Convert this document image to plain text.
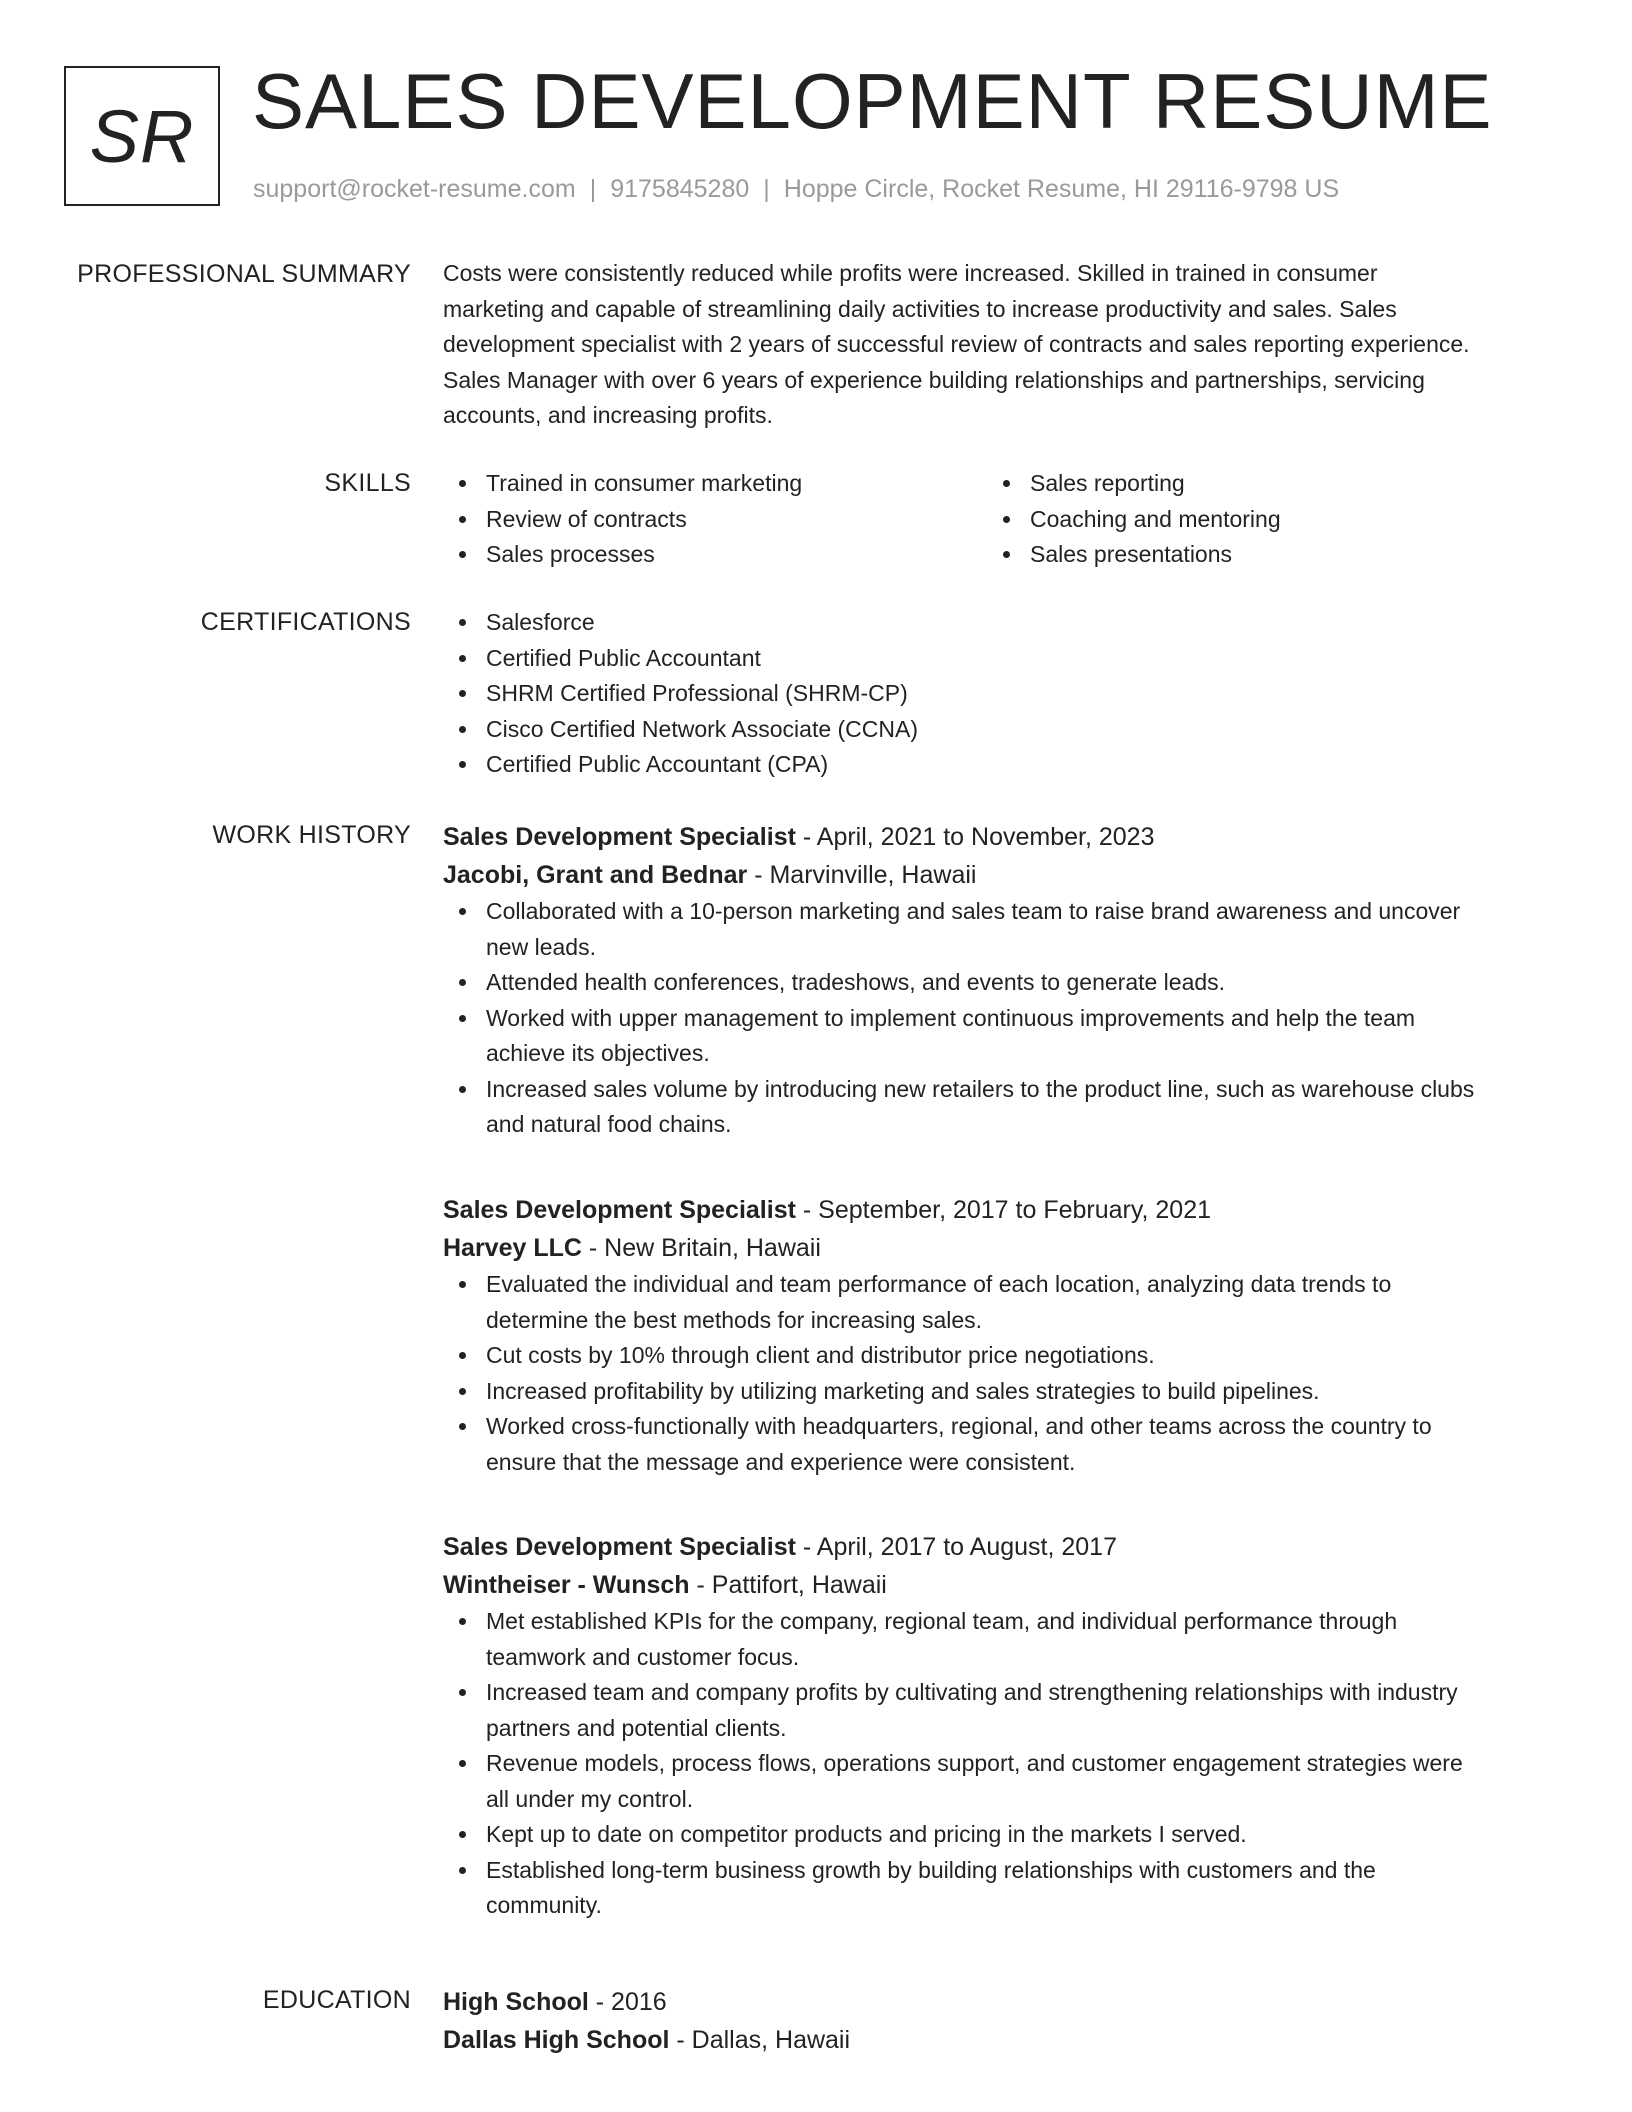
SR SALES DEVELOPMENT RESUME
support@rocket-resume.com | 9175845280 | Hoppe Circle, Rocket Resume, HI 29116-9798 US
PROFESSIONAL SUMMARY Costs were consistently reduced while profits were increased. Skilled in trained in consumer
marketing and capable of streamlining daily activities to increase productivity and sales. Sales
development specialist with 2 years of successful review of contracts and sales reporting experience.
Sales Manager with over 6 years of experience building relationships and partnerships, servicing
accounts, and increasing profits.
SKILLS	Trained in consumer marketing
Review of contracts
Sales processes
Sales reporting
Coaching and mentoring
Sales presentations
CERTIFICATIONS	Salesforce
Certified Public Accountant
SHRM Certified Professional (SHRM-CP)
Cisco Certified Network Associate (CCNA)
Certified Public Accountant (CPA)
WORK HISTORY Sales Development Specialist - April, 2021 to November, 2023
Jacobi, Grant and Bednar - Marvinville, Hawaii
Collaborated with a 10-person marketing and sales team to raise brand awareness and uncover
new leads.
Attended health conferences, tradeshows, and events to generate leads.
Worked with upper management to implement continuous improvements and help the team
achieve its objectives.
Increased sales volume by introducing new retailers to the product line, such as warehouse clubs
and natural food chains.
Sales Development Specialist - September, 2017 to February, 2021
Harvey LLC - New Britain, Hawaii
Evaluated the individual and team performance of each location, analyzing data trends to
determine the best methods for increasing sales.
Cut costs by 10% through client and distributor price negotiations.
Increased profitability by utilizing marketing and sales strategies to build pipelines.
Worked cross-functionally with headquarters, regional, and other teams across the country to
ensure that the message and experience were consistent.
Sales Development Specialist - April, 2017 to August, 2017
Wintheiser - Wunsch - Pattifort, Hawaii
Met established KPIs for the company, regional team, and individual performance through
teamwork and customer focus.
Increased team and company profits by cultivating and strengthening relationships with industry
partners and potential clients.
Revenue models, process flows, operations support, and customer engagement strategies were
all under my control.
Kept up to date on competitor products and pricing in the markets I served.
Established long-term business growth by building relationships with customers and the
community.
EDUCATION High School - 2016
Dallas High School - Dallas, Hawaii
